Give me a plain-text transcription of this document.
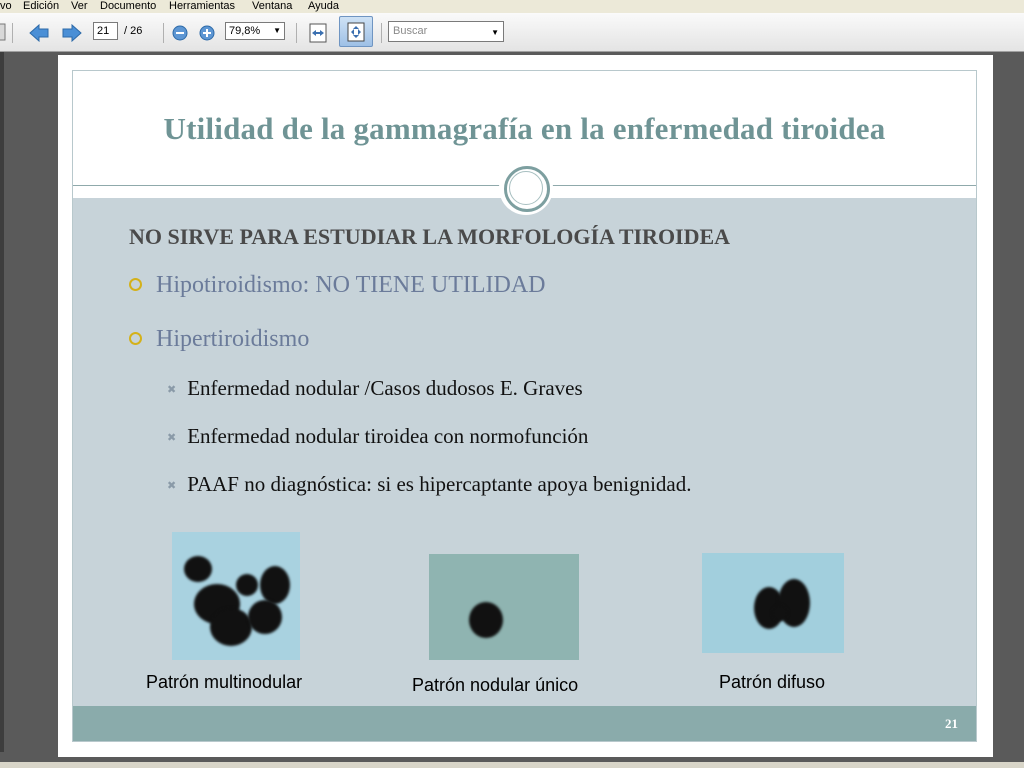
vo Edición Ver Documento Herramientas Ventana Ayuda
21	/ 26	79,8% ▼	Buscar	▼
Utilidad de la gammagrafía en la enfermedad tiroidea
NO SIRVE PARA ESTUDIAR LA MORFOLOGÍA TIROIDEA
Hipotiroidismo: NO TIENE UTILIDAD
Hipertiroidismo
✖ Enfermedad nodular /Casos dudosos E. Graves
✖ Enfermedad nodular tiroidea con normofunción
✖ PAAF no diagnóstica: si es hipercaptante apoya benignidad.
Patrón multinodular	Patrón nodular único	Patrón difuso
21
